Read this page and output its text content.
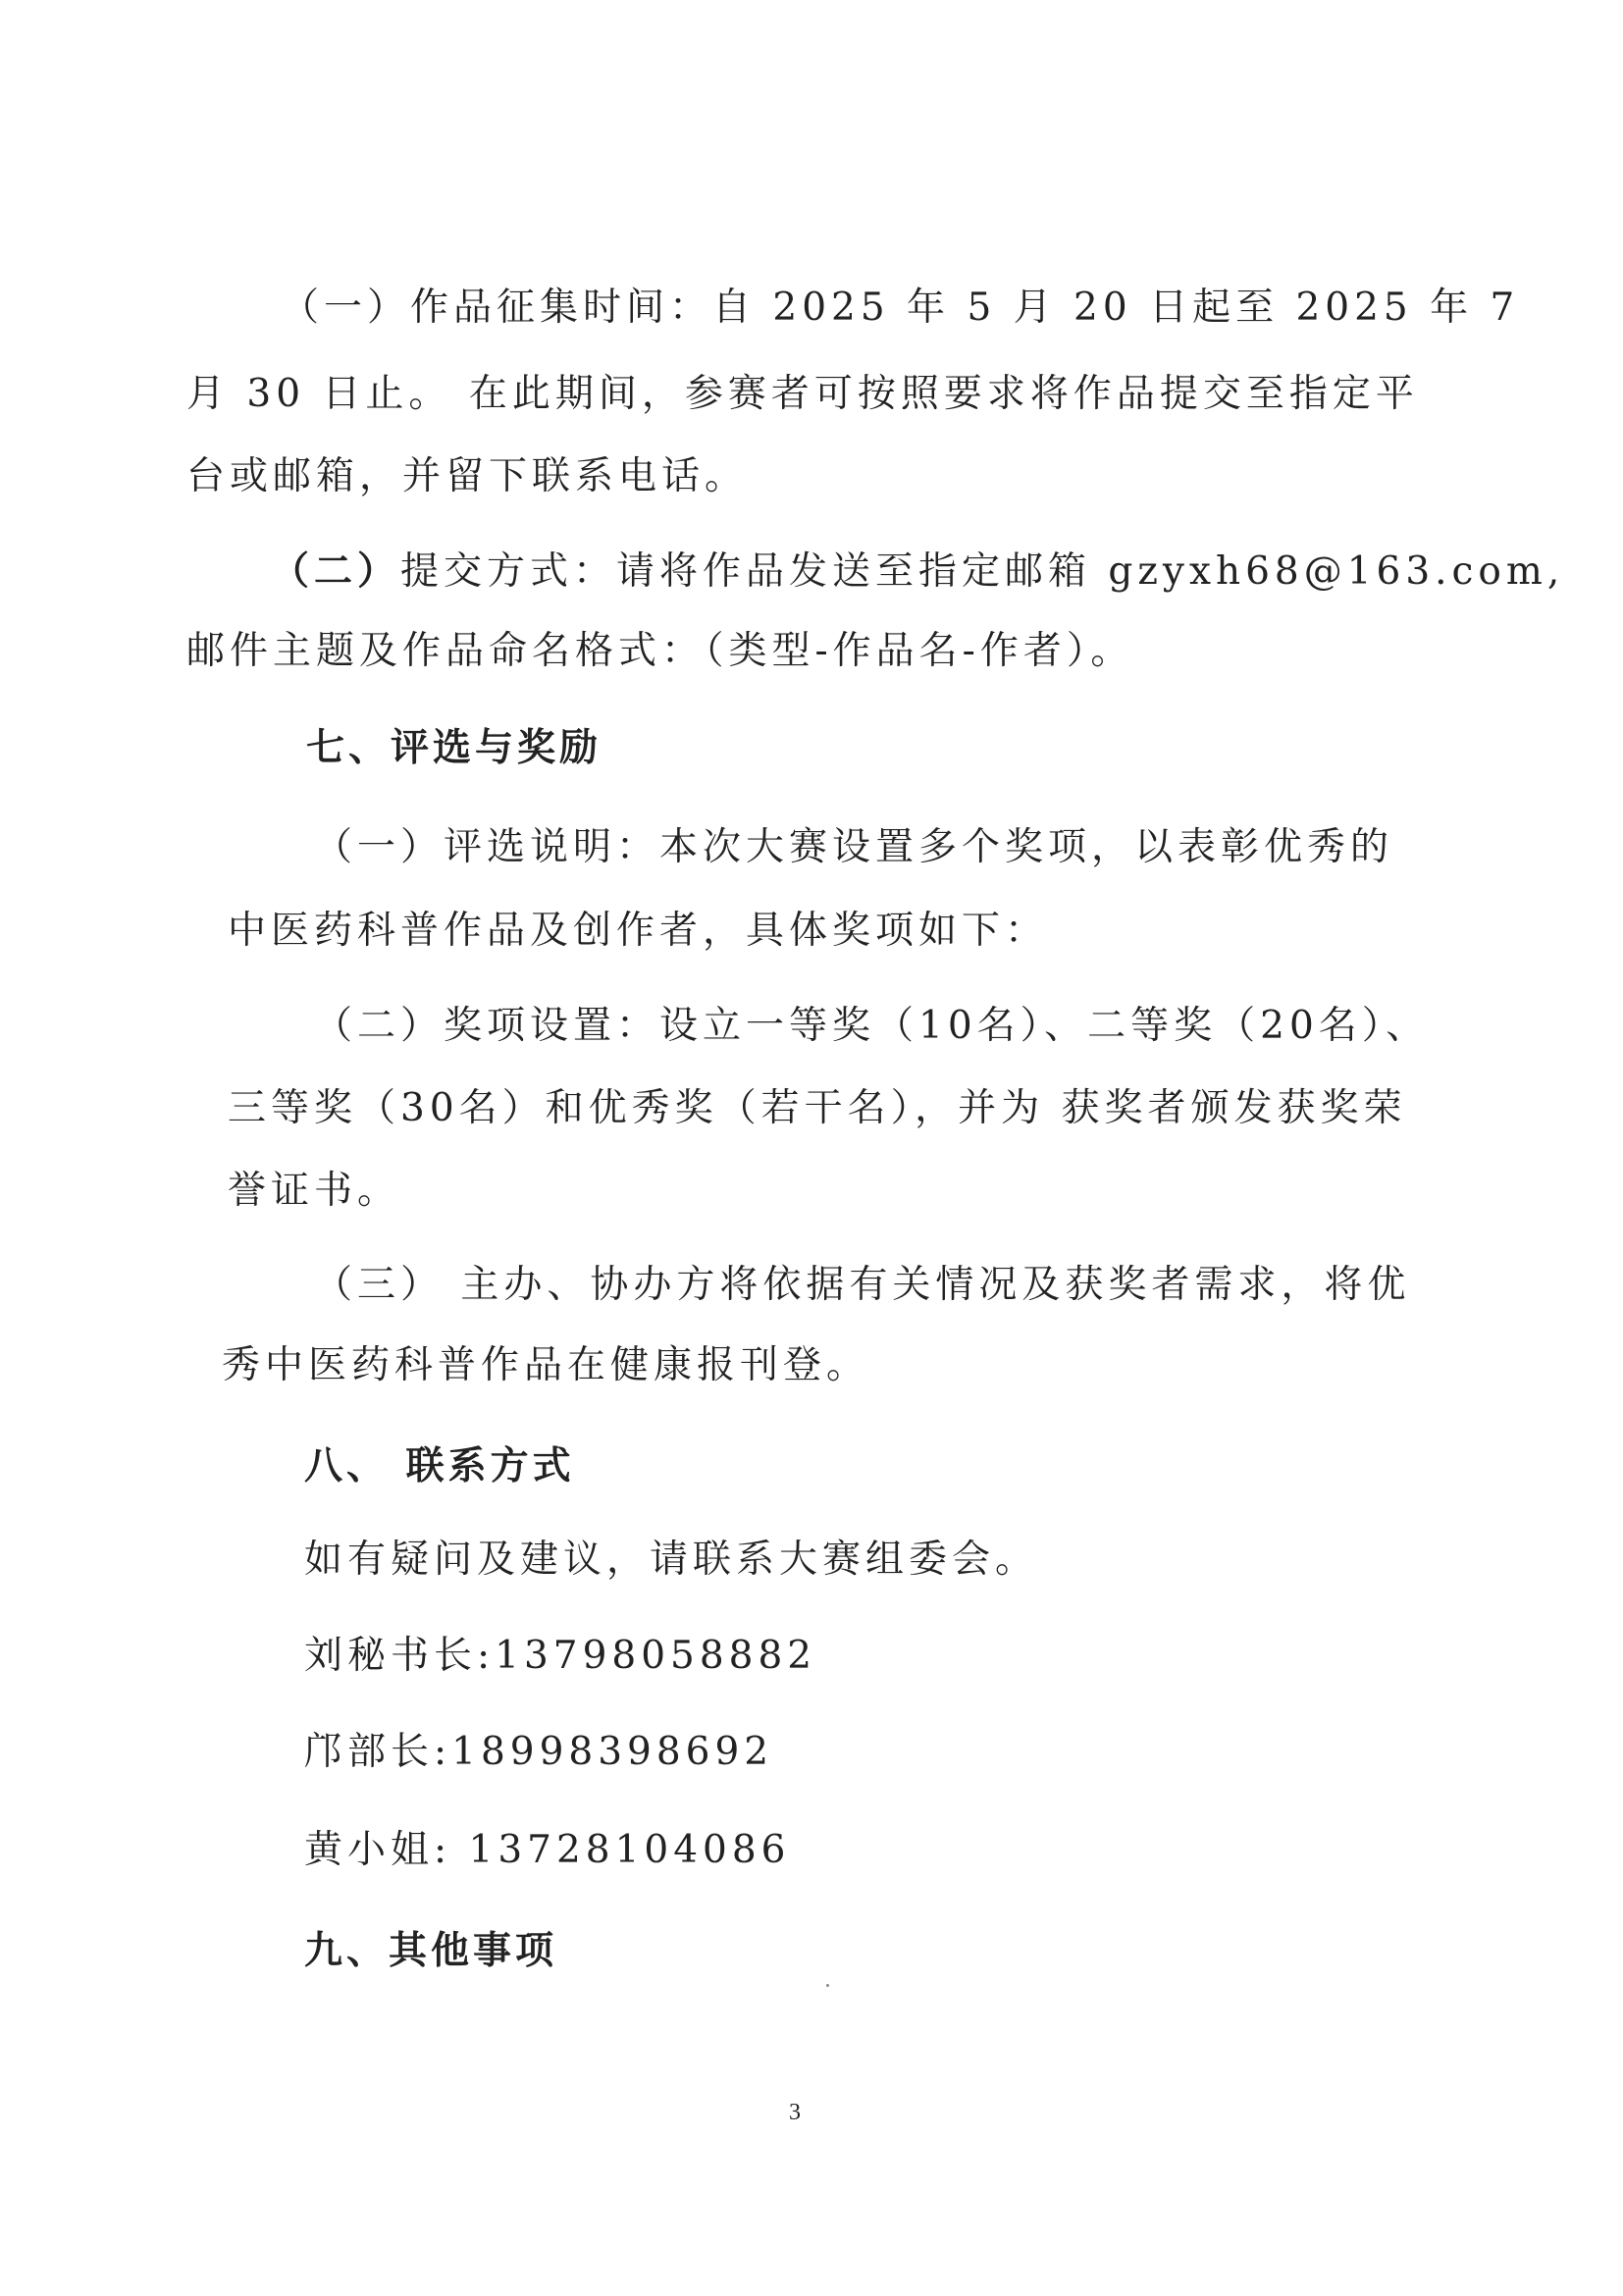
（一）作品征集时间：自 2025 年 5 月 20 日起至 2025 年 7
月 30 日止。 在此期间，参赛者可按照要求将作品提交至指定平
台或邮箱，并留下联系电话。
（二）提交方式：请将作品发送至指定邮箱 gzyxh68@163.com,
邮件主题及作品命名格式：（类型-作品名-作者）。
七、评选与奖励
（一）评选说明：本次大赛设置多个奖项，以表彰优秀的
中医药科普作品及创作者，具体奖项如下：
（二）奖项设置：设立一等奖（10名）、二等奖（20名）、
三等奖（30名）和优秀奖（若干名），并为 获奖者颁发获奖荣
誉证书。
（三） 主办、协办方将依据有关情况及获奖者需求，将优
秀中医药科普作品在健康报刊登。
八、 联系方式
如有疑问及建议，请联系大赛组委会。
刘秘书长:13798058882
邝部长:18998398692
黄小姐: 13728104086
九、其他事项
3
